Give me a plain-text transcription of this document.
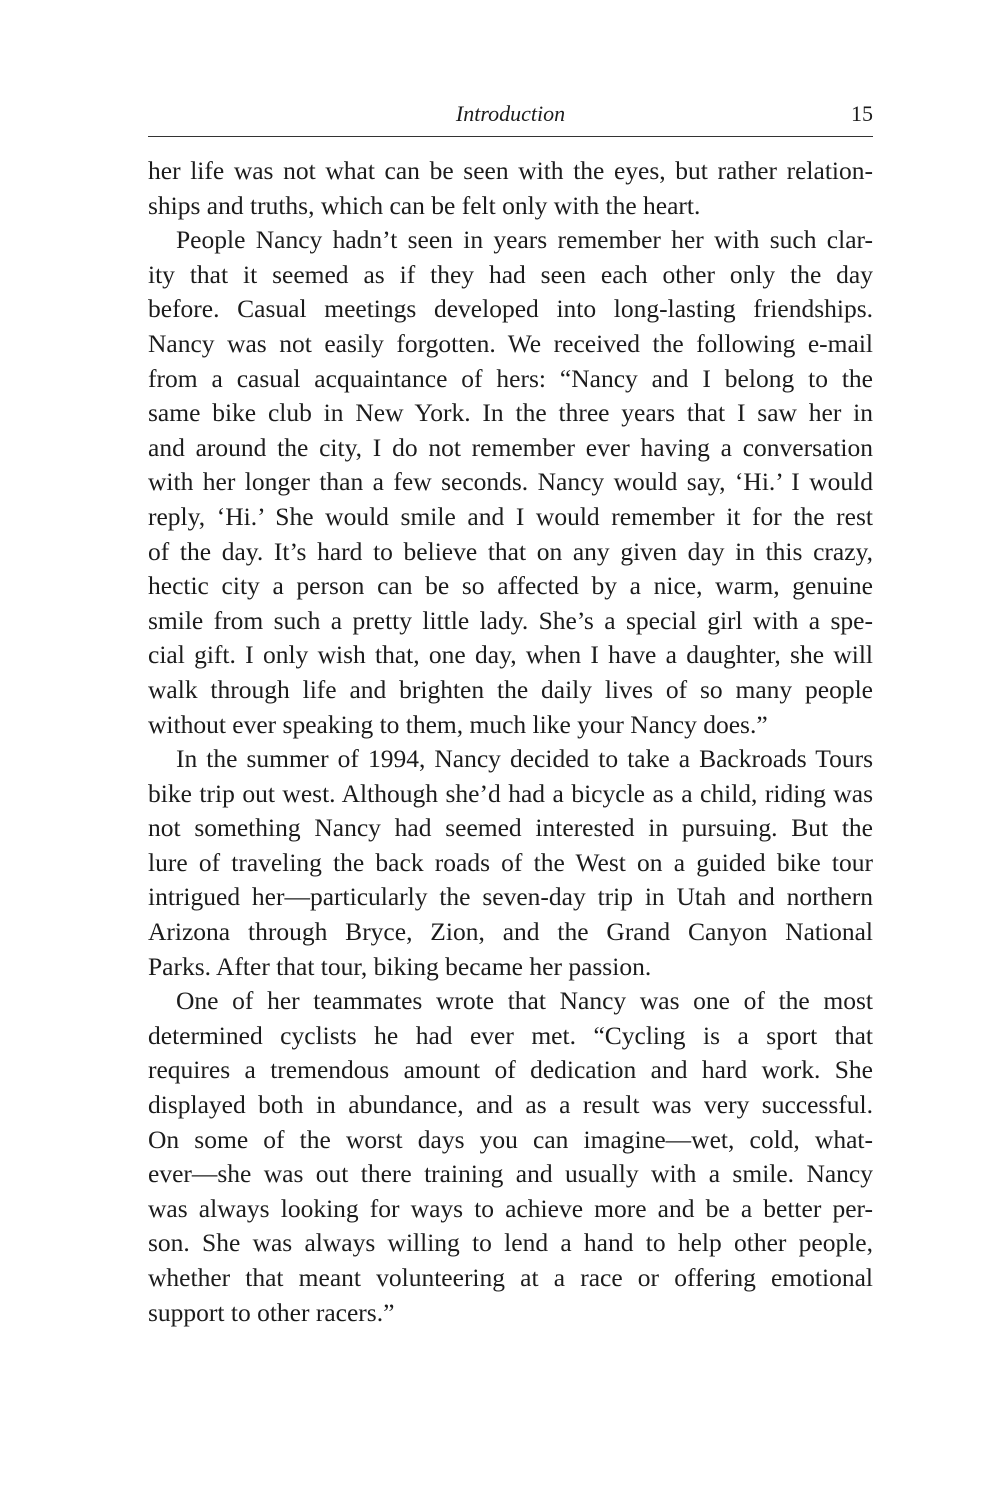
Introduction	15
her life was not what can be seen with the eyes, but rather relation-
ships and truths, which can be felt only with the heart.
People Nancy hadn’t seen in years remember her with such clar-
ity that it seemed as if they had seen each other only the day
before. Casual meetings developed into long-lasting friendships.
Nancy was not easily forgotten. We received the following e-mail
from a casual acquaintance of hers: “Nancy and I belong to the
same bike club in New York. In the three years that I saw her in
and around the city, I do not remember ever having a conversation
with her longer than a few seconds. Nancy would say, ‘Hi.’ I would
reply, ‘Hi.’ She would smile and I would remember it for the rest
of the day. It’s hard to believe that on any given day in this crazy,
hectic city a person can be so affected by a nice, warm, genuine
smile from such a pretty little lady. She’s a special girl with a spe-
cial gift. I only wish that, one day, when I have a daughter, she will
walk through life and brighten the daily lives of so many people
without ever speaking to them, much like your Nancy does.”
In the summer of 1994, Nancy decided to take a Backroads Tours
bike trip out west. Although she’d had a bicycle as a child, riding was
not something Nancy had seemed interested in pursuing. But the
lure of traveling the back roads of the West on a guided bike tour
intrigued her—particularly the seven-day trip in Utah and northern
Arizona through Bryce, Zion, and the Grand Canyon National
Parks. After that tour, biking became her passion.
One of her teammates wrote that Nancy was one of the most
determined cyclists he had ever met. “Cycling is a sport that
requires a tremendous amount of dedication and hard work. She
displayed both in abundance, and as a result was very successful.
On some of the worst days you can imagine—wet, cold, what-
ever—she was out there training and usually with a smile. Nancy
was always looking for ways to achieve more and be a better per-
son. She was always willing to lend a hand to help other people,
whether that meant volunteering at a race or offering emotional
support to other racers.”
